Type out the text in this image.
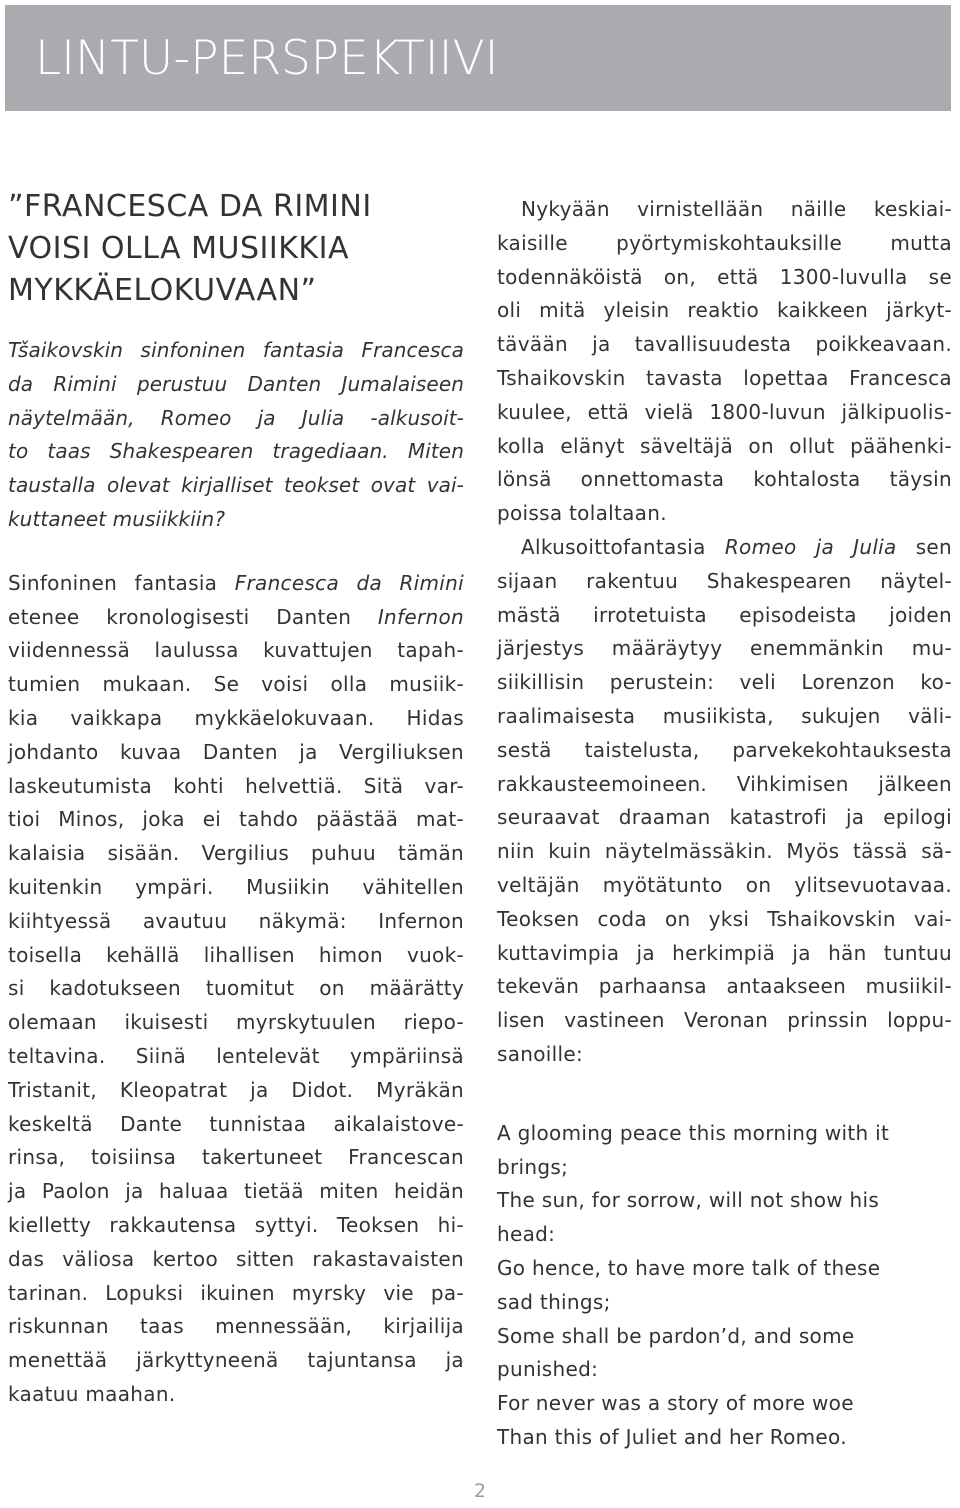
LINTU-PERSPEKTIIVI
”FRANCESCA DA RIMINI
VOISI OLLA MUSIIKKIA
MYKKÄELOKUVAAN”
Tšaikovskin sinfoninen fantasia Francesca
da Rimini perustuu Danten Jumalaiseen
näytelmään, Romeo ja Julia -alkusoit-
to taas Shakespearen tragediaan. Miten
taustalla olevat kirjalliset teokset ovat vai-
kuttaneet musiikkiin?
Sinfoninen fantasia Francesca da Rimini
etenee kronologisesti Danten Infernon
viidennessä laulussa kuvattujen tapah-
tumien mukaan. Se voisi olla musiik-
kia vaikkapa mykkäelokuvaan. Hidas
johdanto kuvaa Danten ja Vergiliuksen
laskeutumista kohti helvettiä. Sitä var-
tioi Minos, joka ei tahdo päästää mat-
kalaisia sisään. Vergilius puhuu tämän
kuitenkin ympäri. Musiikin vähitellen
kiihtyessä avautuu näkymä: Infernon
toisella kehällä lihallisen himon vuok-
si kadotukseen tuomitut on määrätty
olemaan ikuisesti myrskytuulen riepo-
teltavina. Siinä lentelevät ympäriinsä
Tristanit, Kleopatrat ja Didot. Myräkän
keskeltä Dante tunnistaa aikalaistove-
rinsa, toisiinsa takertuneet Francescan
ja Paolon ja haluaa tietää miten heidän
kielletty rakkautensa syttyi. Teoksen hi-
das väliosa kertoo sitten rakastavaisten
tarinan. Lopuksi ikuinen myrsky vie pa-
riskunnan taas mennessään, kirjailija
menettää järkyttyneenä tajuntansa ja
kaatuu maahan.
Nykyään virnistellään näille keskiai-
kaisille pyörtymiskohtauksille mutta
todennäköistä on, että 1300-luvulla se
oli mitä yleisin reaktio kaikkeen järkyt-
tävään ja tavallisuudesta poikkeavaan.
Tshaikovskin tavasta lopettaa Francesca
kuulee, että vielä 1800-luvun jälkipuolis-
kolla elänyt säveltäjä on ollut päähenki-
lönsä onnettomasta kohtalosta täysin
poissa tolaltaan.
Alkusoittofantasia Romeo ja Julia sen
sijaan rakentuu Shakespearen näytel-
mästä irrotetuista episodeista joiden
järjestys määräytyy enemmänkin mu-
siikillisin perustein: veli Lorenzon ko-
raalimaisesta musiikista, sukujen väli-
sestä taistelusta, parvekekohtauksesta
rakkausteemoineen. Vihkimisen jälkeen
seuraavat draaman katastrofi ja epilogi
niin kuin näytelmässäkin. Myös tässä sä-
veltäjän myötätunto on ylitsevuotavaa.
Teoksen coda on yksi Tshaikovskin vai-
kuttavimpia ja herkimpiä ja hän tuntuu
tekevän parhaansa antaakseen musiikil-
lisen vastineen Veronan prinssin loppu-
sanoille:
A glooming peace this morning with it
brings;
The sun, for sorrow, will not show his
head:
Go hence, to have more talk of these
sad things;
Some shall be pardon’d, and some
punished:
For never was a story of more woe
Than this of Juliet and her Romeo.
2
